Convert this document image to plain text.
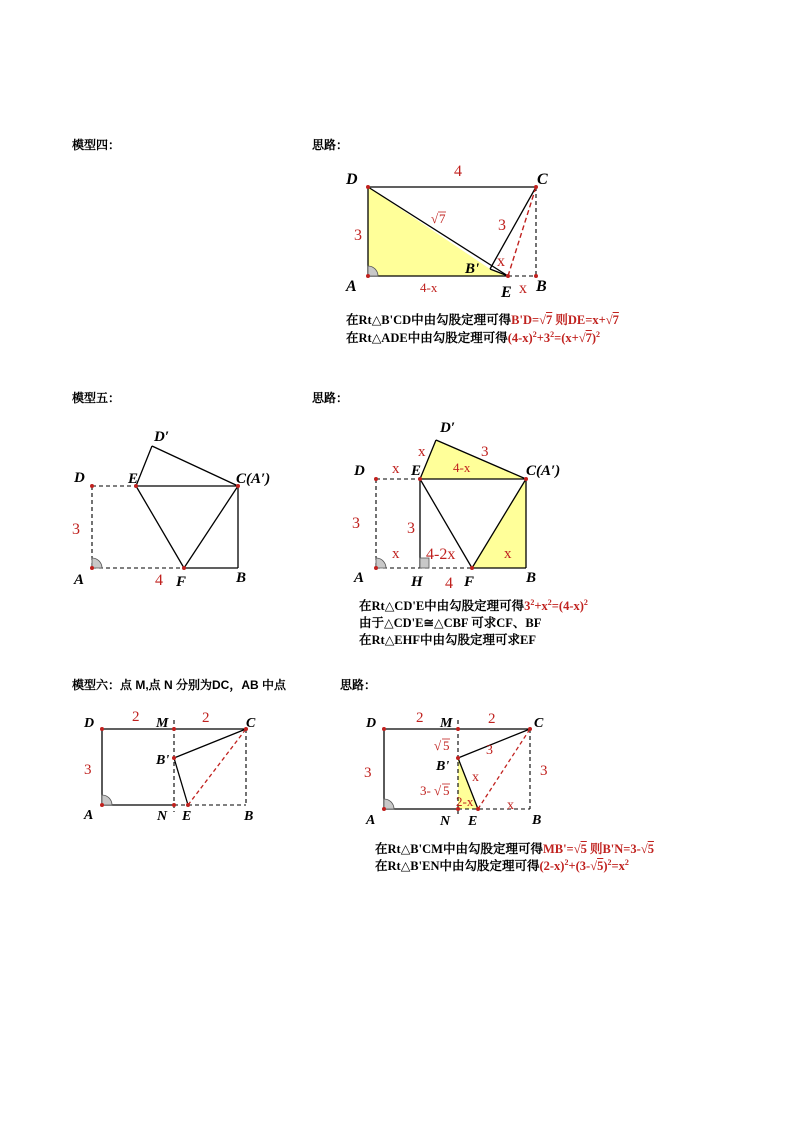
模型四：	思路：
D	C
A	E B
B'
4
3
3
√ 7
x
x
4-x
在Rt△B'CD中由勾股定理可得B'D=√7 则DE=x+√7
在Rt△ADE中由勾股定理可得$(4-x)^2+3^2=(x+√7)^2$
模型五：	思路：
D	E
D′
C(A′)
A	F	B
3
4
D	E
D′
C(A′)
A	H	F	B
x
x	3
4-x
3	3
x 4-2x	x
4
在Rt△CD'E中由勾股定理可得$3^2+x^2=(4-x)^2$
由于△CD'E≅△CBF 可求CF、BF
在Rt△EHF中由勾股定理可求EF
模型六：点 M,点 N 分别为DC，AB 中点	思路：
D	M	C
B'
A	N E	B
2	2
3
D	M	C
B'
A	N E	B
2	2
3	3
√ 5	3
x
x
3- √ 5
2-x
在Rt△B'CM中由勾股定理可得MB'=√5 则B'N=3-√5
在Rt△B'EN中由勾股定理可得$(2-x)^2+(3-√5)^2=x^2$
